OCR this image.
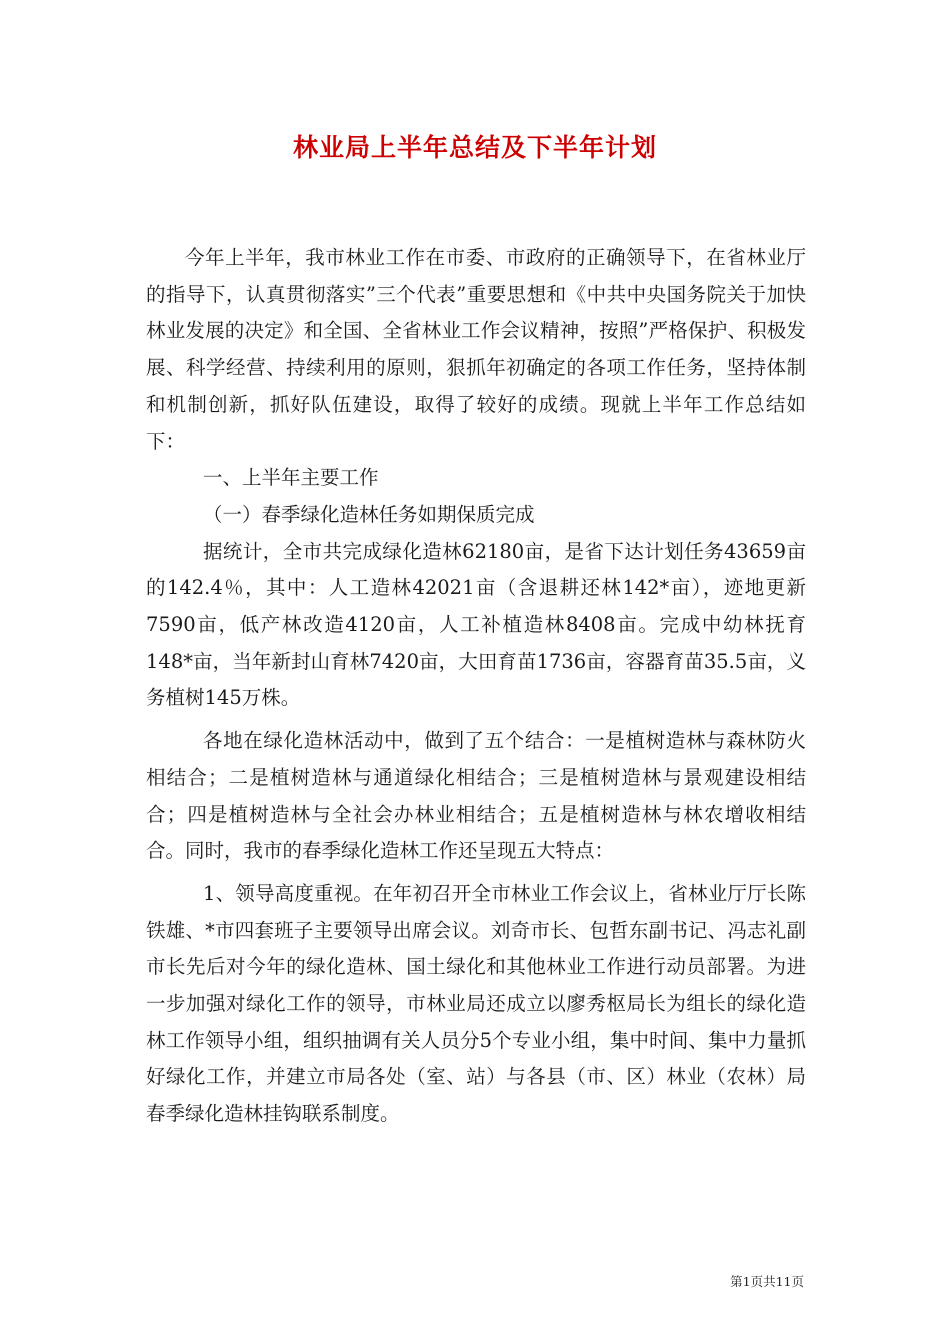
林业局上半年总结及下半年计划

今年上半年，我市林业工作在市委、市政府的正确领导下，在省林业厅的指导下，认真贯彻落实”三个代表”重要思想和《中共中央国务院关于加快林业发展的决定》和全国、全省林业工作会议精神，按照”严格保护、积极发展、科学经营、持续利用的原则，狠抓年初确定的各项工作任务，坚持体制和机制创新，抓好队伍建设，取得了较好的成绩。现就上半年工作总结如下：

一、上半年主要工作

（一）春季绿化造林任务如期保质完成

据统计，全市共完成绿化造林62180亩，是省下达计划任务43659亩的142.4％，其中：人工造林42021亩（含退耕还林142*亩），迹地更新7590亩，低产林改造4120亩，人工补植造林8408亩。完成中幼林抚育148*亩，当年新封山育林7420亩，大田育苗1736亩，容器育苗35.5亩，义务植树145万株。

各地在绿化造林活动中，做到了五个结合：一是植树造林与森林防火相结合；二是植树造林与通道绿化相结合；三是植树造林与景观建设相结合；四是植树造林与全社会办林业相结合；五是植树造林与林农增收相结合。同时，我市的春季绿化造林工作还呈现五大特点：

1、领导高度重视。在年初召开全市林业工作会议上，省林业厅厅长陈铁雄、*市四套班子主要领导出席会议。刘奇市长、包哲东副书记、冯志礼副市长先后对今年的绿化造林、国土绿化和其他林业工作进行动员部署。为进一步加强对绿化工作的领导，市林业局还成立以廖秀枢局长为组长的绿化造林工作领导小组，组织抽调有关人员分5个专业小组，集中时间、集中力量抓好绿化工作，并建立市局各处（室、站）与各县（市、区）林业（农林）局春季绿化造林挂钩联系制度。

第1页共11页
